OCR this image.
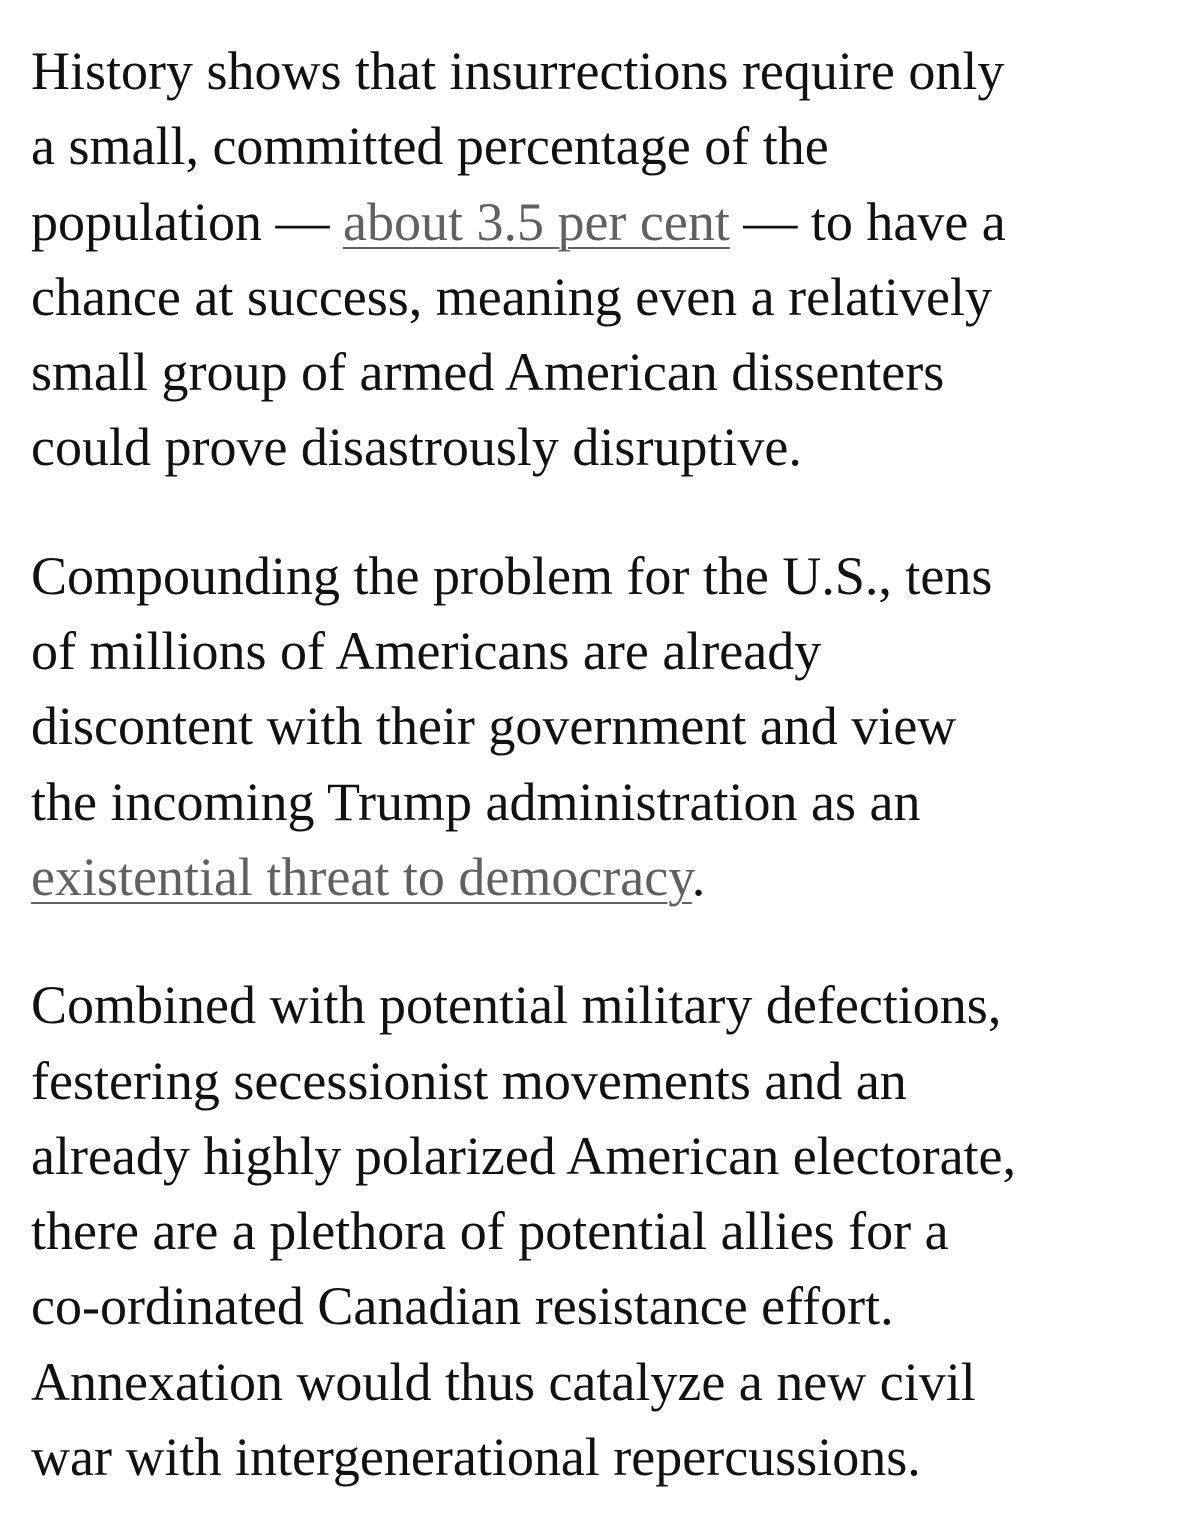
History shows that insurrections require only
a small, committed percentage of the
population — about 3.5 per cent — to have a
chance at success, meaning even a relatively
small group of armed American dissenters
could prove disastrously disruptive.

Compounding the problem for the U.S., tens
of millions of Americans are already
discontent with their government and view
the incoming Trump administration as an
existential threat to democracy.

Combined with potential military defections,
festering secessionist movements and an
already highly polarized American electorate,
there are a plethora of potential allies for a
co-ordinated Canadian resistance effort.
Annexation would thus catalyze a new civil
war with intergenerational repercussions.
